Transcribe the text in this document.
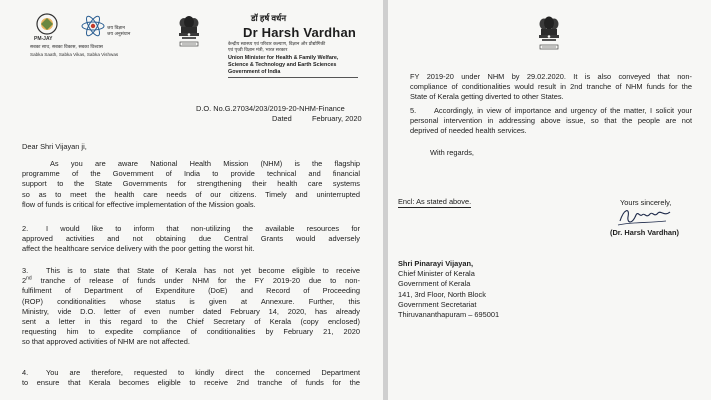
PM-JAY
जय विज्ञान
जय अनुसंधान
सबका साथ, सबका विकास, सबका विश्वास
Sabka Saath, Sabka Vikas, Sabka Vishwas
डॉ हर्ष वर्धन
Dr Harsh Vardhan
केन्द्रीय स्वास्थ्य एवं परिवार कल्याण, विज्ञान और प्रौद्योगिकी
एवं पृथ्वी विज्ञान मंत्री, भारत सरकार
Union Minister for Health & Family Welfare,
Science & Technology and Earth Sciences
Government of India
D.O. No.G.27034/203/2019-20-NHM-Finance
Dated	February, 2020
Dear Shri Vijayan ji,
As you are aware National Health Mission (NHM) is the flagship
programme of the Government of India to provide technical and financial
support to the State Governments for strengthening their health care systems
so as to meet the health care needs of our citizens. Timely and uninterrupted
flow of funds is critical for effective implementation of the Mission goals.
2. I would like to inform that non-utilizing the available resources for
approved activities and not obtaining due Central Grants would adversely
affect the healthcare service delivery with the poor getting the worst hit.
3. This is to state that State of Kerala has not yet become eligible to receive
2nd tranche of release of funds under NHM for the FY 2019-20 due to non-
fulfilment of Department of Expenditure (DoE) and Record of Proceeding
(ROP) conditionalities whose status is given at Annexure. Further, this
Ministry, vide D.O. letter of even number dated February 14, 2020, has already
sent a letter in this regard to the Chief Secretary of Kerala (copy enclosed)
requesting him to expedite compliance of conditionalities by February 21, 2020
so that approved activities of NHM are not affected.
4. You are therefore, requested to kindly direct the concerned Department
to ensure that Kerala becomes eligible to receive 2nd tranche of funds for the
FY 2019-20 under NHM by 29.02.2020. It is also conveyed that non-
compliance of conditionalities would result in 2nd tranche of NHM funds for the
State of Kerala getting diverted to other States.
5. Accordingly, in view of importance and urgency of the matter, I solicit your
personal intervention in addressing above issue, so that the people are not
deprived of needed health services.
With regards,
Yours sincerely,
(Dr. Harsh Vardhan)
Encl: As stated above.
Shri Pinarayi Vijayan,
Chief Minister of Kerala
Government of Kerala
141, 3rd Floor, North Block
Government Secretariat
Thiruvananthapuram – 695001
